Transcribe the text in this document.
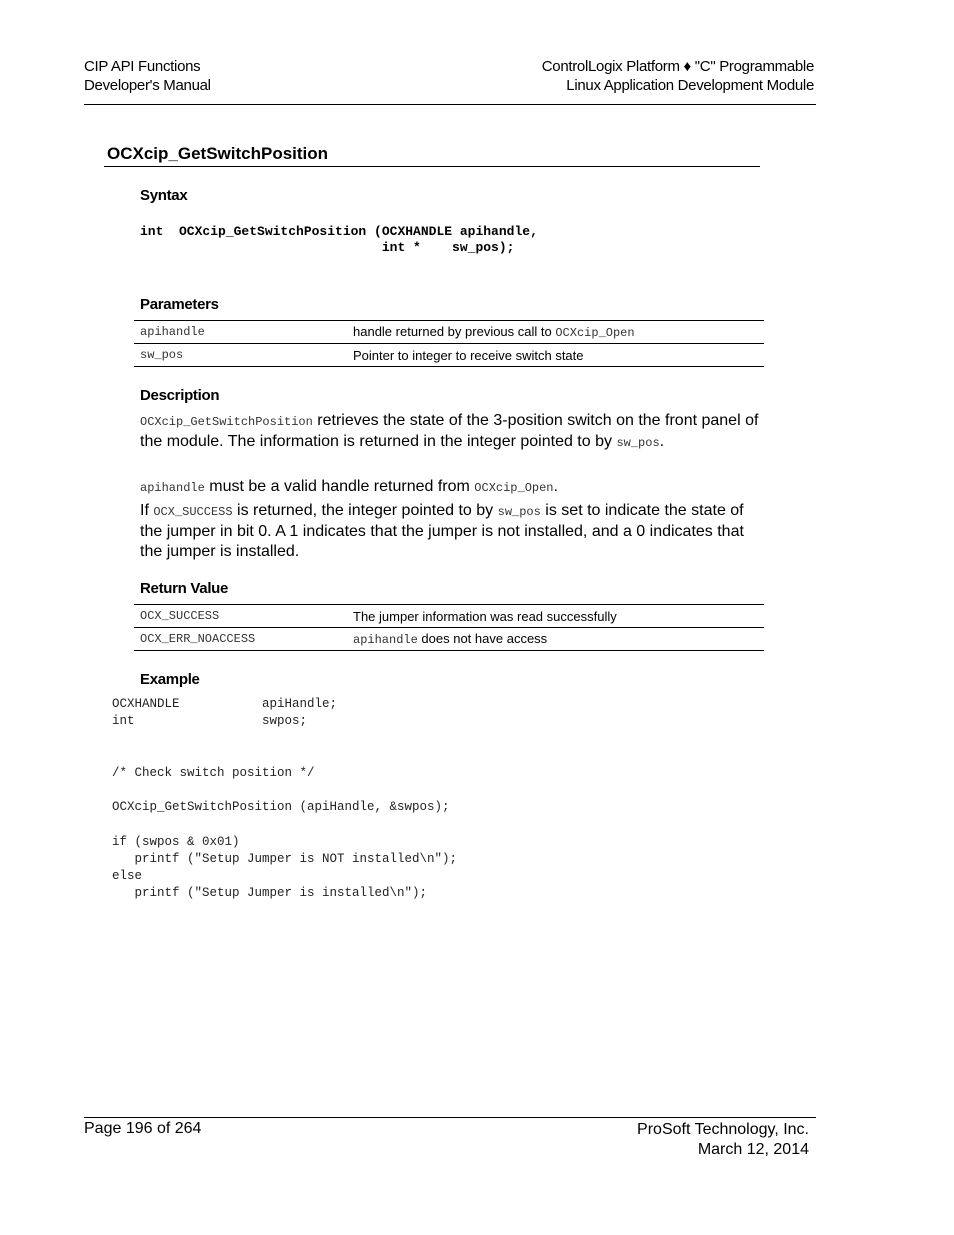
CIP API Functions
Developer's Manual
ControlLogix Platform ♦ "C" Programmable
Linux Application Development Module
OCXcip_GetSwitchPosition
Syntax
int  OCXcip_GetSwitchPosition (OCXHANDLE apihandle,
int *    sw_pos);
Parameters
apihandle	handle returned by previous call to OCXcip_Open
sw_pos	Pointer to integer to receive switch state
Description
OCXcip_GetSwitchPosition retrieves the state of the 3-position switch on the front panel of the module. The information is returned in the integer pointed to by sw_pos.
apihandle must be a valid handle returned from OCXcip_Open.
If OCX_SUCCESS is returned, the integer pointed to by sw_pos is set to indicate the state of the jumper in bit 0. A 1 indicates that the jumper is not installed, and a 0 indicates that the jumper is installed.
Return Value
OCX_SUCCESS	The jumper information was read successfully
OCX_ERR_NOACCESS	apihandle does not have access
Example
OCXHANDLE           apiHandle;
int                 swpos;

/* Check switch position */

OCXcip_GetSwitchPosition (apiHandle, &swpos);

if (swpos & 0x01)
printf ("Setup Jumper is NOT installed\n");
else
printf ("Setup Jumper is installed\n");
Page 196 of 264	ProSoft Technology, Inc.
March 12, 2014
